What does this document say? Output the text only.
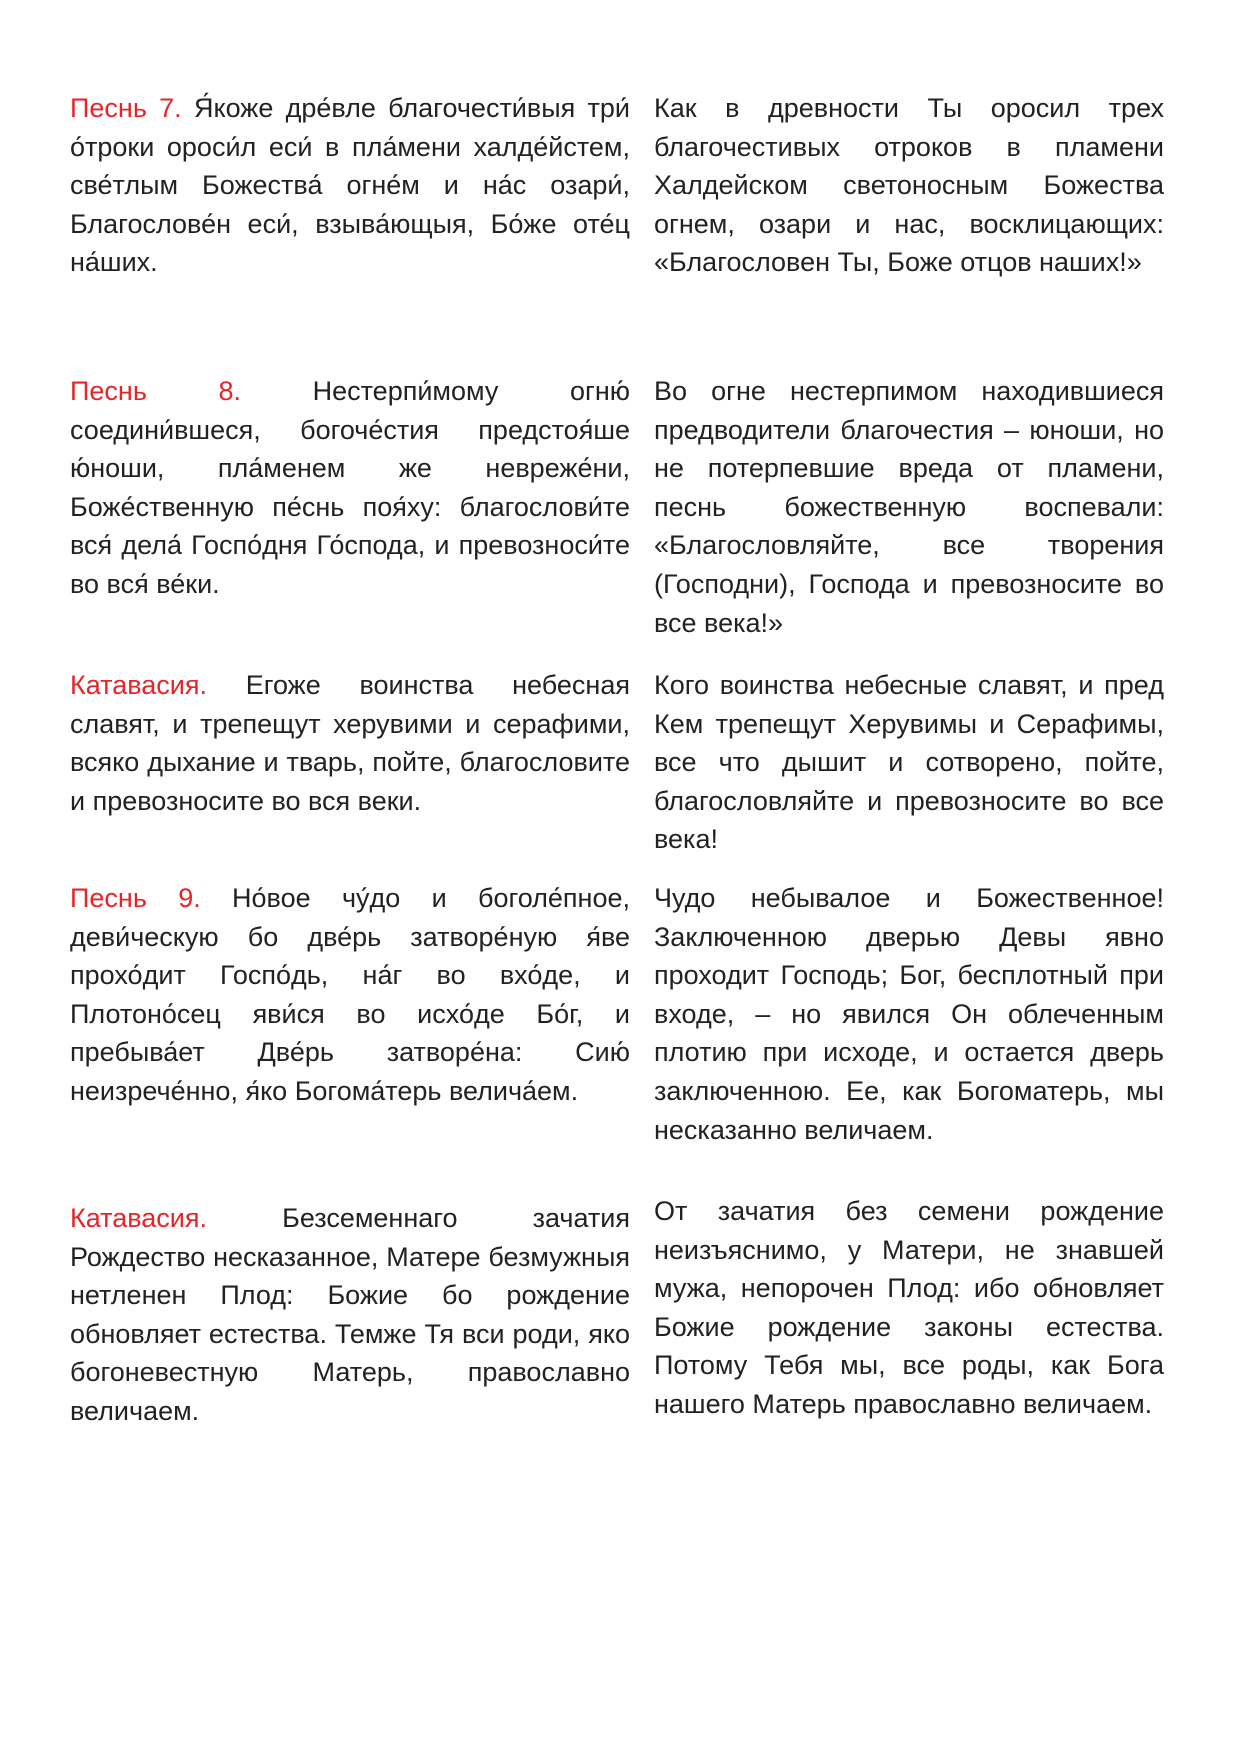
Песнь 7. Я́коже дре́вле благочести́выя три́ о́троки ороси́л еси́ в пла́мени халде́йстем, све́тлым Божества́ огне́м и на́с озари́, Благослове́н еси́, взыва́ющыя, Бо́же оте́ц на́ших.

Как в древности Ты оросил трех благочестивых отроков в пламени Халдейском светоносным Божества огнем, озари и нас, восклицающих: «Благословен Ты, Боже отцов наших!»

Песнь 8.	Нестерпи́мому огню́ соедини́вшеся, богоче́стия предстоя́ше ю́ноши, пла́менем же невреже́ни, Боже́ственную пе́снь поя́ху: благослови́те вся́ дела́ Госпо́дня Го́спода, и превозноси́те во вся́ ве́ки.

Во огне нестерпимом находившиеся предводители благочестия – юноши, но не потерпевшие вреда от пламени, песнь божественную воспевали: «Благословляйте, все творения (Господни), Господа и превозносите во все века!»

Катавасия. Егоже воинства небесная славят, и трепещут херувими и серафими, всяко дыхание и тварь, пойте, благословите и превозносите во вся веки.

Кого воинства небесные славят, и пред Кем трепещут Херувимы и Серафимы, все что дышит и сотворено, пойте, благословляйте и превозносите во все века!

Песнь 9. Но́вое чу́до и боголе́пное, деви́ческую бо две́рь затворе́ную я́ве прохо́дит Госпо́дь, на́г во вхо́де, и Плотоно́сец яви́ся во исхо́де Бо́г, и пребыва́ет Две́рь затворе́на: Сию́ неизрече́нно, я́ко Богома́терь велича́ем.

Чудо небывалое и Божественное! Заключенною дверью Девы явно проходит Господь; Бог, бесплотный при входе, – но явился Он облеченным плотию при исходе, и остается дверь заключенною. Ее, как Богоматерь, мы несказанно величаем.

Катавасия.	Безсеменнаго зачатия Рождество несказанное, Матере безмужныя нетленен Плод: Божие бо рождение обновляет естества. Темже Тя вси роди, яко богоневестную Матерь, православно величаем.

От зачатия без семени рождение неизъяснимо, у Матери, не знавшей мужа, непорочен Плод: ибо обновляет Божие рождение законы естества. Потому Тебя мы, все роды, как Бога нашего Матерь православно величаем.
